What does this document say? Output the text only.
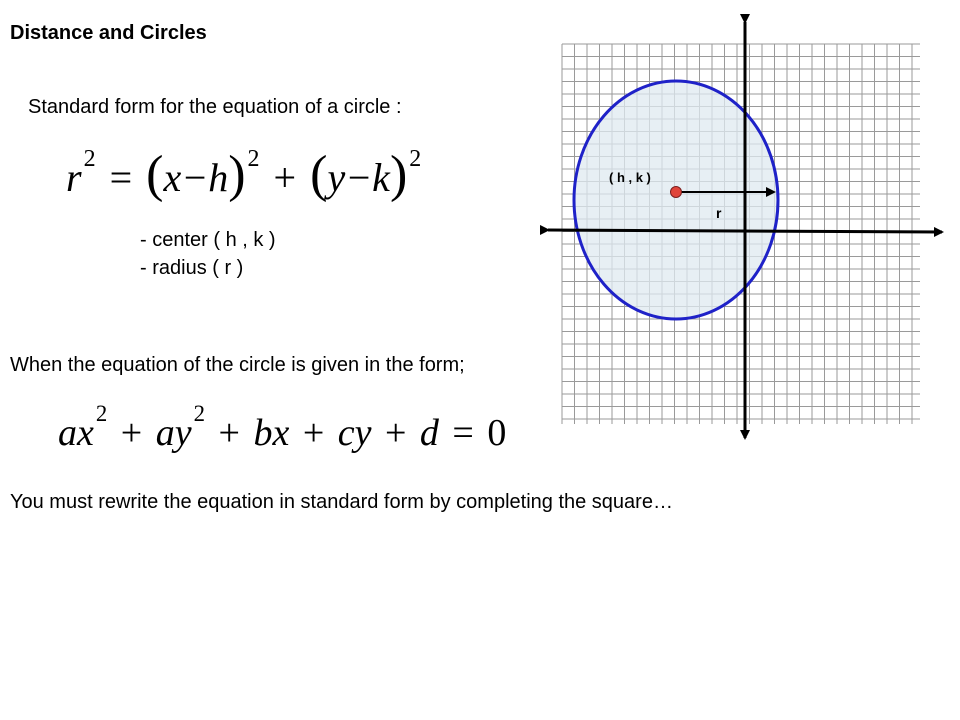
Distance and Circles
Standard form for the equation of a circle :
$r^2 = (x-h)^2 + (y-k)^2$
- center ( h , k )
- radius ( r )
When the equation of the circle is given in the form;
$ax^2 + ay^2$ + bx + cy + d = 0
You must rewrite the equation in standard form by completing the square…
( h , k )
r
